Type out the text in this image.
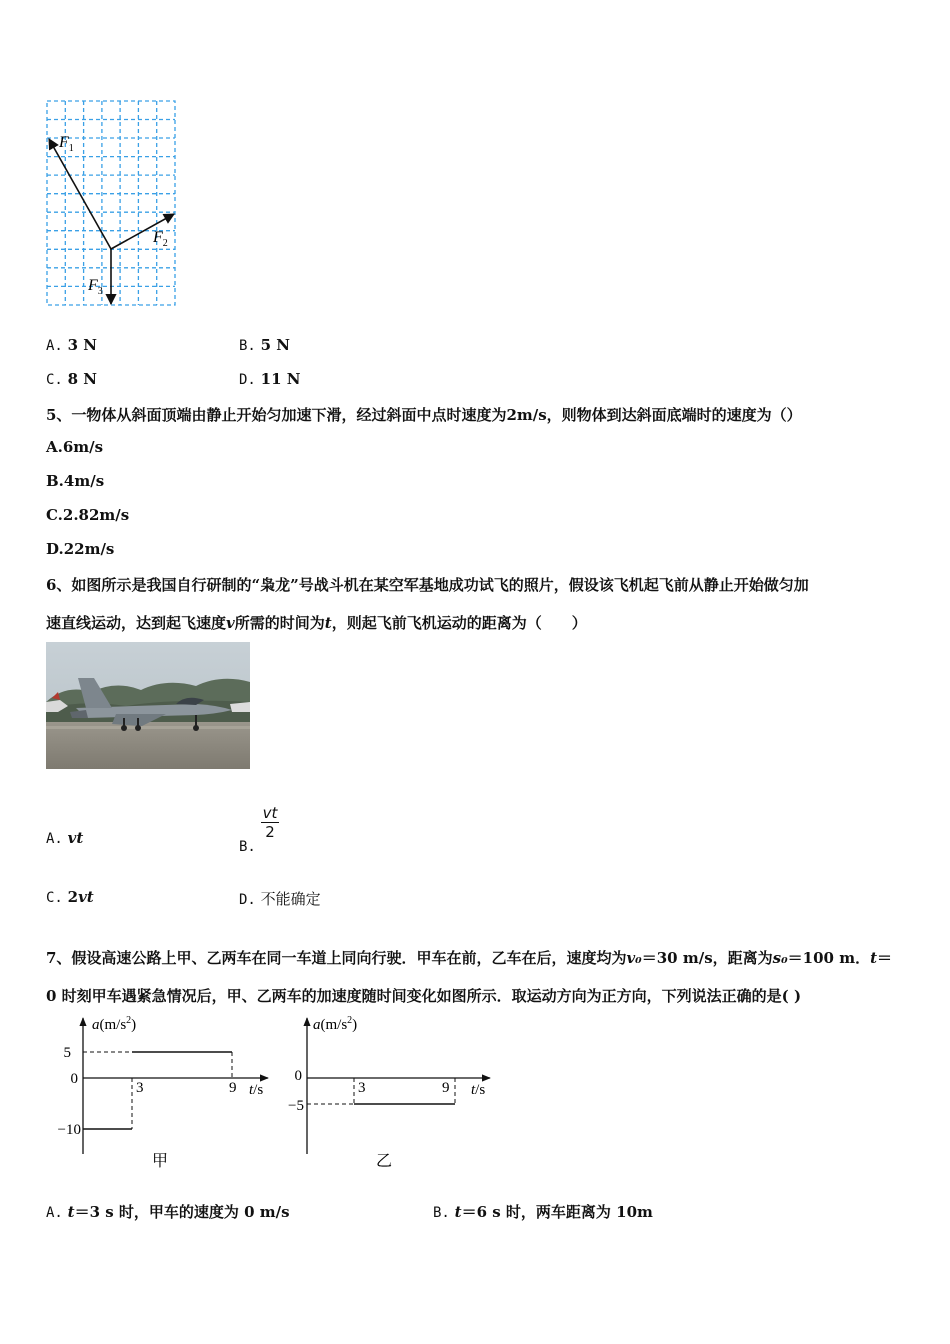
$F_1$
$F_2$
$F_3$
A. 3 N	B. 5 N
C. 8 N	D. 11 N
5、一物体从斜面顶端由静止开始匀加速下滑，经过斜面中点时速度为2m/s，则物体到达斜面底端时的速度为（）
A.6m/s
B.4m/s
C.2.82m/s
D.22m/s
6、如图所示是我国自行研制的“枭龙”号战斗机在某空军基地成功试飞的照片，假设该飞机起飞前从静止开始做匀加
速直线运动，达到起飞速度v所需的时间为t，则起飞前飞机运动的距离为（　　）
A. vt	B.
$\frac{vt}{2}$
C. 2vt	D. 不能确定
7、假设高速公路上甲、乙两车在同一车道上同向行驶．甲车在前，乙车在后，速度均为v₀＝30 m/s，距离为s₀＝100 m．t＝
0 时刻甲车遇紧急情况后，甲、乙两车的加速度随时间变化如图所示．取运动方向为正方向，下列说法正确的是( )
$a(m/s^2)$
t/s
5
0
−10
3	9
甲
$a(m/s^2)$
t/s
0
−5
3	9
乙
A. t＝3 s 时，甲车的速度为 0 m/s	B. t＝6 s 时，两车距离为 10m
